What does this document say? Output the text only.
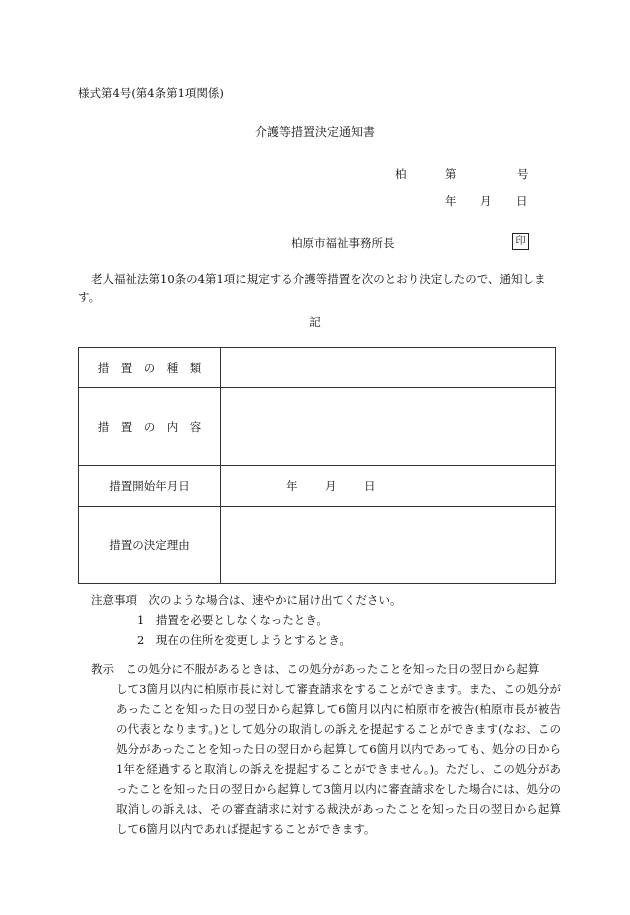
様式第4号(第4条第1項関係)
介護等措置決定通知書
柏	第	号
年 月 日
柏原市福祉事務所長	印
老人福祉法第10条の4第1項に規定する介護等措置を次のとおり決定したので、通知します。
記
措　置　の　種　類	
措　置　の　内　容	
措置開始年月日	年 月 日

措置の決定理由	
注意事項　次のような場合は、速やかに届け出てください。
1　措置を必要としなくなったとき。
2　現在の住所を変更しようとするとき。
教示　この処分に不服があるときは、この処分があったことを知った日の翌日から起算
して3箇月以内に柏原市長に対して審査請求をすることができます。また、この処分があったことを知った日の翌日から起算して6箇月以内に柏原市を被告(柏原市長が被告の代表となります。)として処分の取消しの訴えを提起することができます(なお、この処分があったことを知った日の翌日から起算して6箇月以内であっても、処分の日から1年を経過すると取消しの訴えを提起することができません。)。ただし、この処分があったことを知った日の翌日から起算して3箇月以内に審査請求をした場合には、処分の取消しの訴えは、その審査請求に対する裁決があったことを知った日の翌日から起算して6箇月以内であれば提起することができます。
